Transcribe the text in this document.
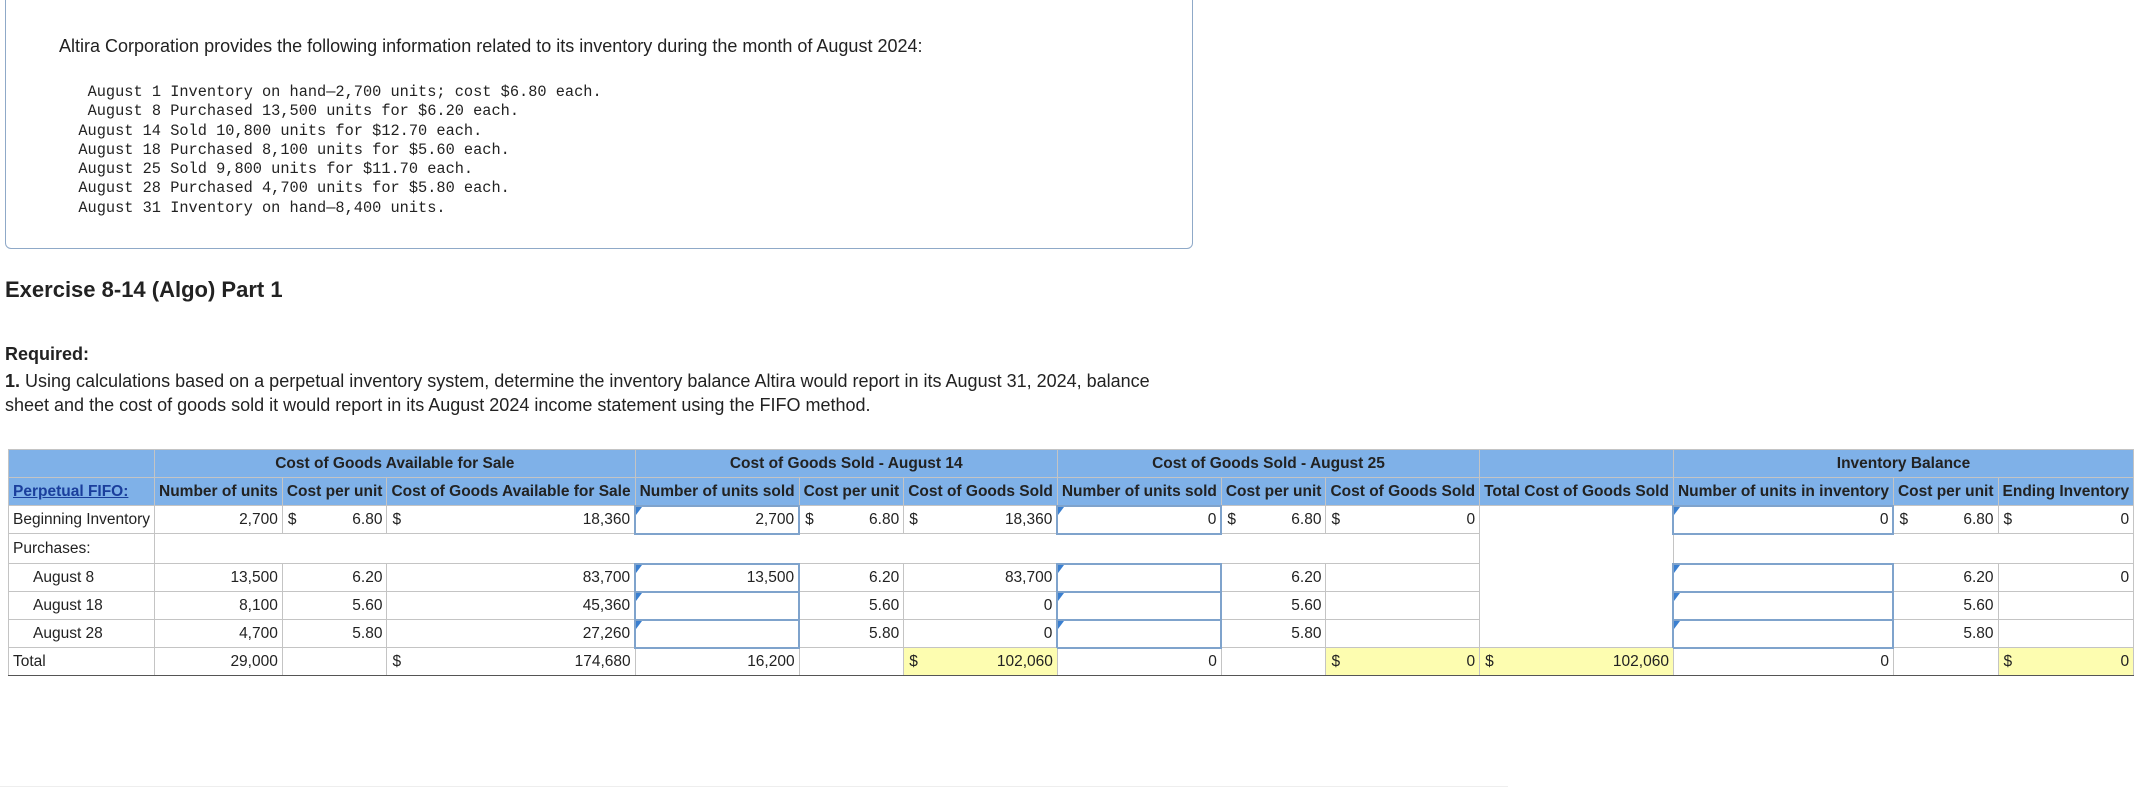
Altira Corporation provides the following information related to its inventory during the month of August 2024:
August 1 Inventory on hand—2,700 units; cost $6.80 each.
August 8 Purchased 13,500 units for $6.20 each.
August 14 Sold 10,800 units for $12.70 each.
August 18 Purchased 8,100 units for $5.60 each.
August 25 Sold 9,800 units for $11.70 each.
August 28 Purchased 4,700 units for $5.80 each.
August 31 Inventory on hand—8,400 units.
Exercise 8-14 (Algo) Part 1
Required:
1. Using calculations based on a perpetual inventory system, determine the inventory balance Altira would report in its August 31, 2024, balance sheet and the cost of goods sold it would report in its August 2024 income statement using the FIFO method.
	Cost of Goods Available for Sale			Cost of Goods Sold - August 14			Cost of Goods Sold - August 25				Inventory Balance		
Perpetual FIFO:	Number of units	Cost per unit	Cost of Goods Available for Sale	Number of units sold	Cost per unit	Cost of Goods Sold	Number of units sold	Cost per unit	Cost of Goods Sold	Total Cost of Goods Sold	Number of units in inventory	Cost per unit	Ending Inventory
Beginning Inventory	2,700	$ 6.80	$ 18,360	2,700	$ 6.80	$ 18,360	0	$ 6.80	$ 0		0	$ 6.80	$ 0
Purchases:													
August 8	13,500	6.20	83,700	13,500	6.20	83,700		6.20				6.20	0
August 18	8,100	5.60	45,360		5.60	0		5.60				5.60	
August 28	4,700	5.80	27,260		5.80	0		5.80				5.80	
Total	29,000		$ 174,680	16,200		$ 102,060	0		$ 0	$ 102,060	0		$ 0
